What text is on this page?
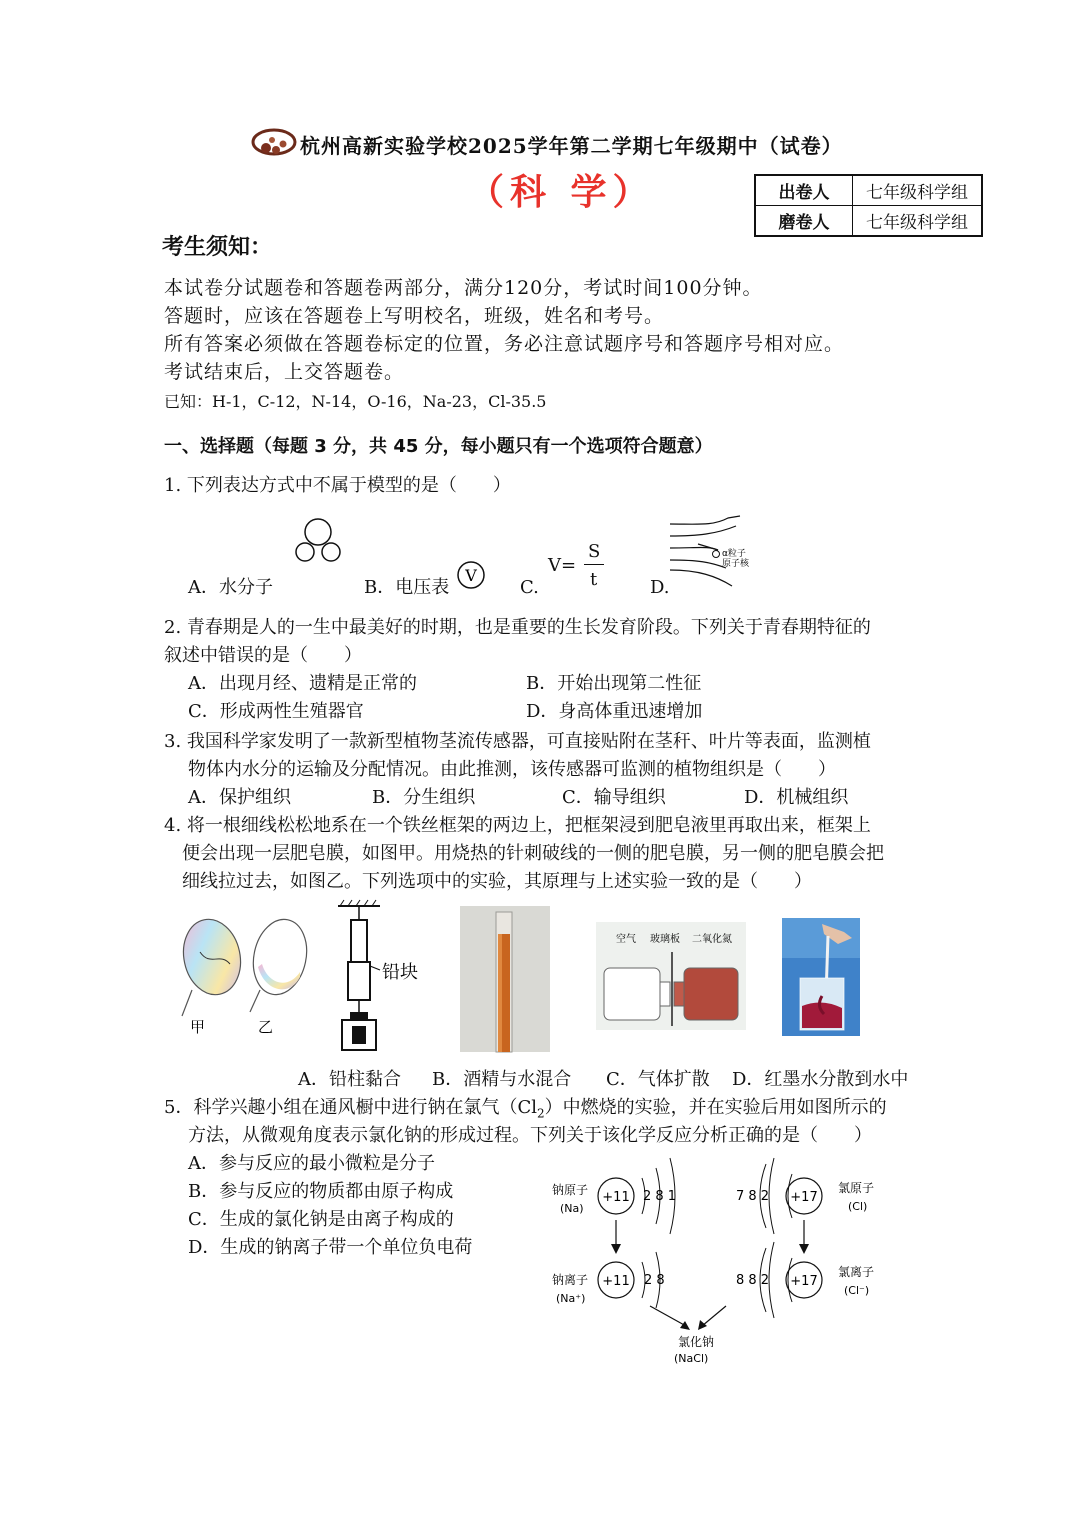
杭州高新实验学校2025学年第二学期七年级期中（试卷）
（科 学）	出卷人	七年级科学组
磨卷人	七年级科学组
考生须知：
本试卷分试题卷和答题卷两部分，满分120分，考试时间100分钟。
答题时，应该在答题卷上写明校名，班级，姓名和考号。
所有答案必须做在答题卷标定的位置，务必注意试题序号和答题序号相对应。
考试结束后，上交答题卷。
已知：H-1，C-12，N-14，O-16，Na-23，Cl-35.5
一、选择题（每题 3 分，共 45 分，每小题只有一个选项符合题意）
1. 下列表达方式中不属于模型的是（　　）
A．水分子	B．电压表
V
C.
V=
S
t	D.
α粒子
原子核
2. 青春期是人的一生中最美好的时期，也是重要的生长发育阶段。下列关于青春期特征的
叙述中错误的是（　　）
A．出现月经、遗精是正常的	B．开始出现第二性征
C．形成两性生殖器官	D．身高体重迅速增加
3. 我国科学家发明了一款新型植物茎流传感器，可直接贴附在茎秆、叶片等表面，监测植
物体内水分的运输及分配情况。由此推测，该传感器可监测的植物组织是（　　）
A．保护组织	B．分生组织	C．输导组织	D．机械组织
4. 将一根细线松松地系在一个铁丝框架的两边上，把框架浸到肥皂液里再取出来，框架上
便会出现一层肥皂膜，如图甲。用烧热的针刺破线的一侧的肥皂膜，另一侧的肥皂膜会把
细线拉过去，如图乙。下列选项中的实验，其原理与上述实验一致的是（　　）
甲	乙
铅块
空气 玻璃板 二氧化氮
A．铅柱黏合 B．酒精与水混合 C．气体扩散 D．红墨水分散到水中
5．科学兴趣小组在通风橱中进行钠在氯气$(Cl_2)$中燃烧的实验，并在实验后用如图所示的
方法，从微观角度表示氯化钠的形成过程。下列关于该化学反应分析正确的是（　　）
A．参与反应的最小微粒是分子
B．参与反应的物质都由原子构成
C．生成的氯化钠是由离子构成的
D．生成的钠离子带一个单位负电荷
钠原子
(Na)
+11 2 8 1	7 8 2 +17
氯原子
(Cl)
钠离子
(Na⁺)
+11 2 8	8 8 2 +17
氯离子
(Cl⁻)
氯化钠
(NaCl)
